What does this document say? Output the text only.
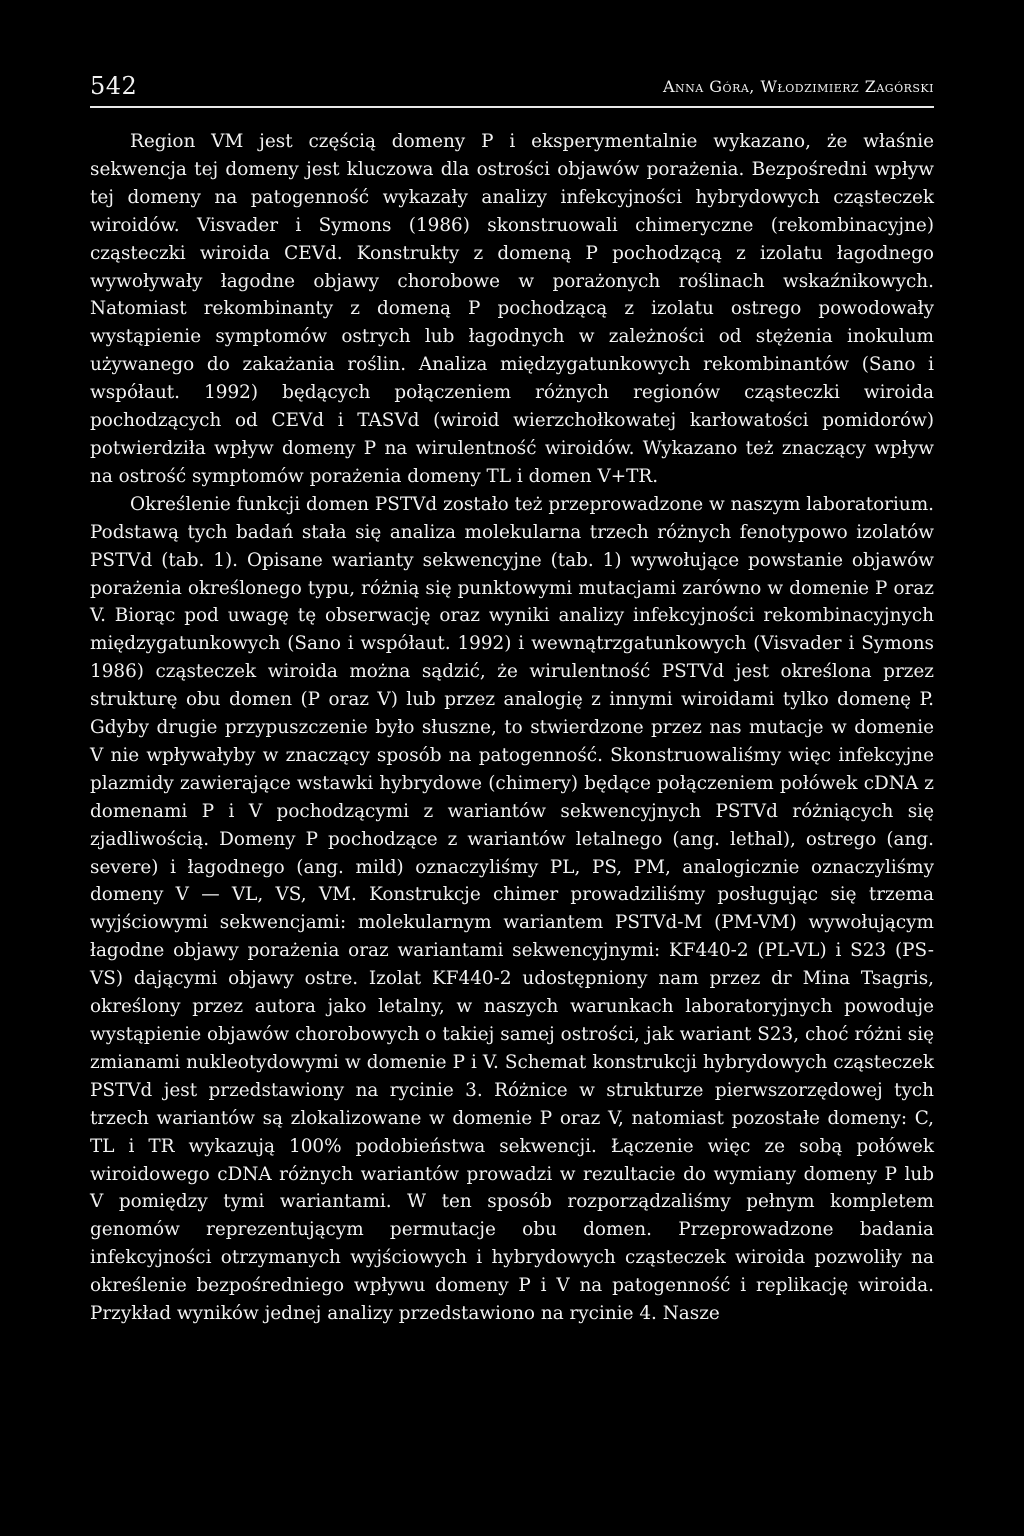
542	Anna Góra, Włodzimierz Zagórski

Region VM jest częścią domeny P i eksperymentalnie wykazano, że właśnie sekwencja tej domeny jest kluczowa dla ostrości objawów porażenia. Bezpośredni wpływ tej domeny na patogenność wykazały analizy infekcyjności hybrydowych cząsteczek wiroidów. Visvader i Symons (1986) skonstruowali chimeryczne (rekombinacyjne) cząsteczki wiroida CEVd. Konstrukty z domeną P pochodzącą z izolatu łagodnego wywoływały łagodne objawy chorobowe w porażonych roślinach wskaźnikowych. Natomiast rekombinanty z domeną P pochodzącą z izolatu ostrego powodowały wystąpienie symptomów ostrych lub łagodnych w zależności od stężenia inokulum używanego do zakażania roślin. Analiza międzygatunkowych rekombinantów (Sano i współaut. 1992) będących połączeniem różnych regionów cząsteczki wiroida pochodzących od CEVd i TASVd (wiroid wierzchołkowatej karłowatości pomidorów) potwierdziła wpływ domeny P na wirulentność wiroidów. Wykazano też znaczący wpływ na ostrość symptomów porażenia domeny TL i domen V+TR.

Określenie funkcji domen PSTVd zostało też przeprowadzone w naszym laboratorium. Podstawą tych badań stała się analiza molekularna trzech różnych fenotypowo izolatów PSTVd (tab. 1). Opisane warianty sekwencyjne (tab. 1) wywołujące powstanie objawów porażenia określonego typu, różnią się punktowymi mutacjami zarówno w domenie P oraz V. Biorąc pod uwagę tę obserwację oraz wyniki analizy infekcyjności rekombinacyjnych międzygatunkowych (Sano i współaut. 1992) i wewnątrzgatunkowych (Visvader i Symons 1986) cząsteczek wiroida można sądzić, że wirulentność PSTVd jest określona przez strukturę obu domen (P oraz V) lub przez analogię z innymi wiroidami tylko domenę P. Gdyby drugie przypuszczenie było słuszne, to stwierdzone przez nas mutacje w domenie V nie wpływałyby w znaczący sposób na patogenność. Skonstruowaliśmy więc infekcyjne plazmidy zawierające wstawki hybrydowe (chimery) będące połączeniem połówek cDNA z domenami P i V pochodzącymi z wariantów sekwencyjnych PSTVd różniących się zjadliwością. Domeny P pochodzące z wariantów letalnego (ang. lethal), ostrego (ang. severe) i łagodnego (ang. mild) oznaczyliśmy PL, PS, PM, analogicznie oznaczyliśmy domeny V — VL, VS, VM. Konstrukcje chimer prowadziliśmy posługując się trzema wyjściowymi sekwencjami: molekularnym wariantem PSTVd-M (PM-VM) wywołującym łagodne objawy porażenia oraz wariantami sekwencyjnymi: KF440-2 (PL-VL) i S23 (PS-VS) dającymi objawy ostre. Izolat KF440-2 udostępniony nam przez dr Mina Tsagris, określony przez autora jako letalny, w naszych warunkach laboratoryjnych powoduje wystąpienie objawów chorobowych o takiej samej ostrości, jak wariant S23, choć różni się zmianami nukleotydowymi w domenie P i V. Schemat konstrukcji hybrydowych cząsteczek PSTVd jest przedstawiony na rycinie 3. Różnice w strukturze pierwszorzędowej tych trzech wariantów są zlokalizowane w domenie P oraz V, natomiast pozostałe domeny: C, TL i TR wykazują 100% podobieństwa sekwencji. Łączenie więc ze sobą połówek wiroidowego cDNA różnych wariantów prowadzi w rezultacie do wymiany domeny P lub V pomiędzy tymi wariantami. W ten sposób rozporządzaliśmy pełnym kompletem genomów reprezentującym permutacje obu domen. Przeprowadzone badania infekcyjności otrzymanych wyjściowych i hybrydowych cząsteczek wiroida pozwoliły na określenie bezpośredniego wpływu domeny P i V na patogenność i replikację wiroida. Przykład wyników jednej analizy przedstawiono na rycinie 4. Nasze
